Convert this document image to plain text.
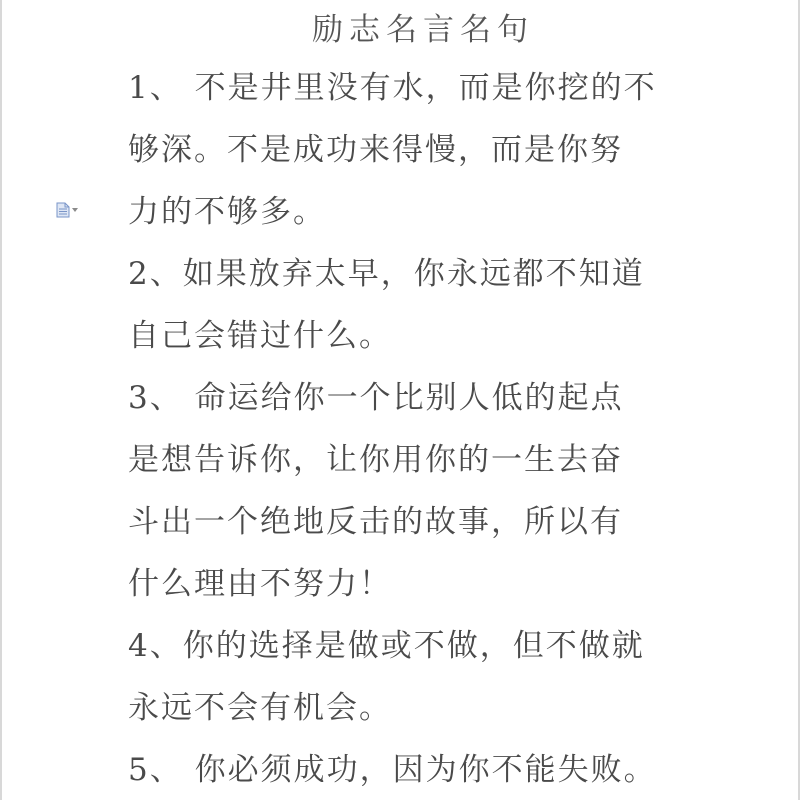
励志名言名句
1、 不是井里没有水，而是你挖的不
够深。不是成功来得慢，而是你努
力的不够多。
2、如果放弃太早，你永远都不知道
自己会错过什么。
3、 命运给你一个比别人低的起点
是想告诉你，让你用你的一生去奋
斗出一个绝地反击的故事，所以有
什么理由不努力！
4、你的选择是做或不做，但不做就
永远不会有机会。
5、 你必须成功，因为你不能失败。
